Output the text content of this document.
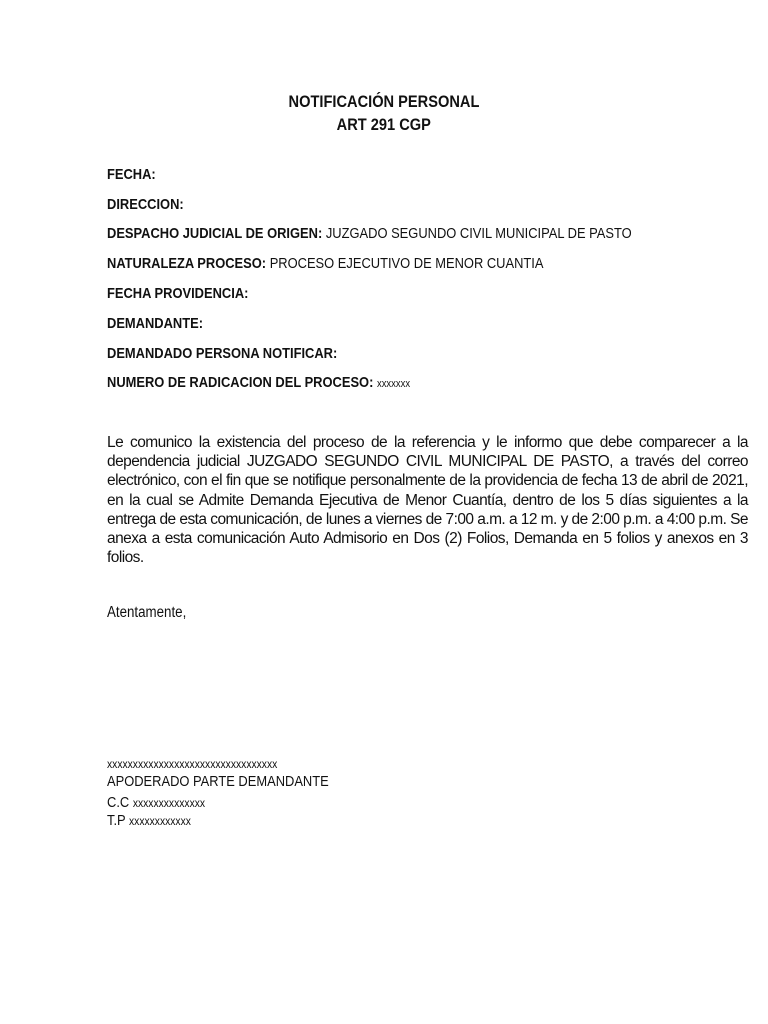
NOTIFICACIÓN PERSONAL
ART 291 CGP
FECHA:
DIRECCION:
DESPACHO JUDICIAL DE ORIGEN: JUZGADO SEGUNDO CIVIL MUNICIPAL DE PASTO
NATURALEZA PROCESO: PROCESO EJECUTIVO DE MENOR CUANTIA
FECHA PROVIDENCIA:
DEMANDANTE:
DEMANDADO PERSONA NOTIFICAR:
NUMERO DE RADICACION DEL PROCESO: xxxxxxx
Le comunico la existencia del proceso de la referencia y le informo que debe comparecer a la dependencia judicial JUZGADO SEGUNDO CIVIL MUNICIPAL DE PASTO, a través del correo electrónico, con el fin que se notifique personalmente de la providencia de fecha 13 de abril de 2021, en la cual se Admite Demanda Ejecutiva de Menor Cuantía, dentro de los 5 días siguientes a la entrega de esta comunicación, de lunes a viernes de 7:00 a.m. a 12 m. y de 2:00 p.m. a 4:00 p.m. Se anexa a esta comunicación Auto Admisorio en Dos (2) Folios, Demanda en 5 folios y anexos en 3 folios.
Atentamente,
xxxxxxxxxxxxxxxxxxxxxxxxxxxxxxxxx
APODERADO PARTE DEMANDANTE
C.C xxxxxxxxxxxxxx
T.P xxxxxxxxxxxx
